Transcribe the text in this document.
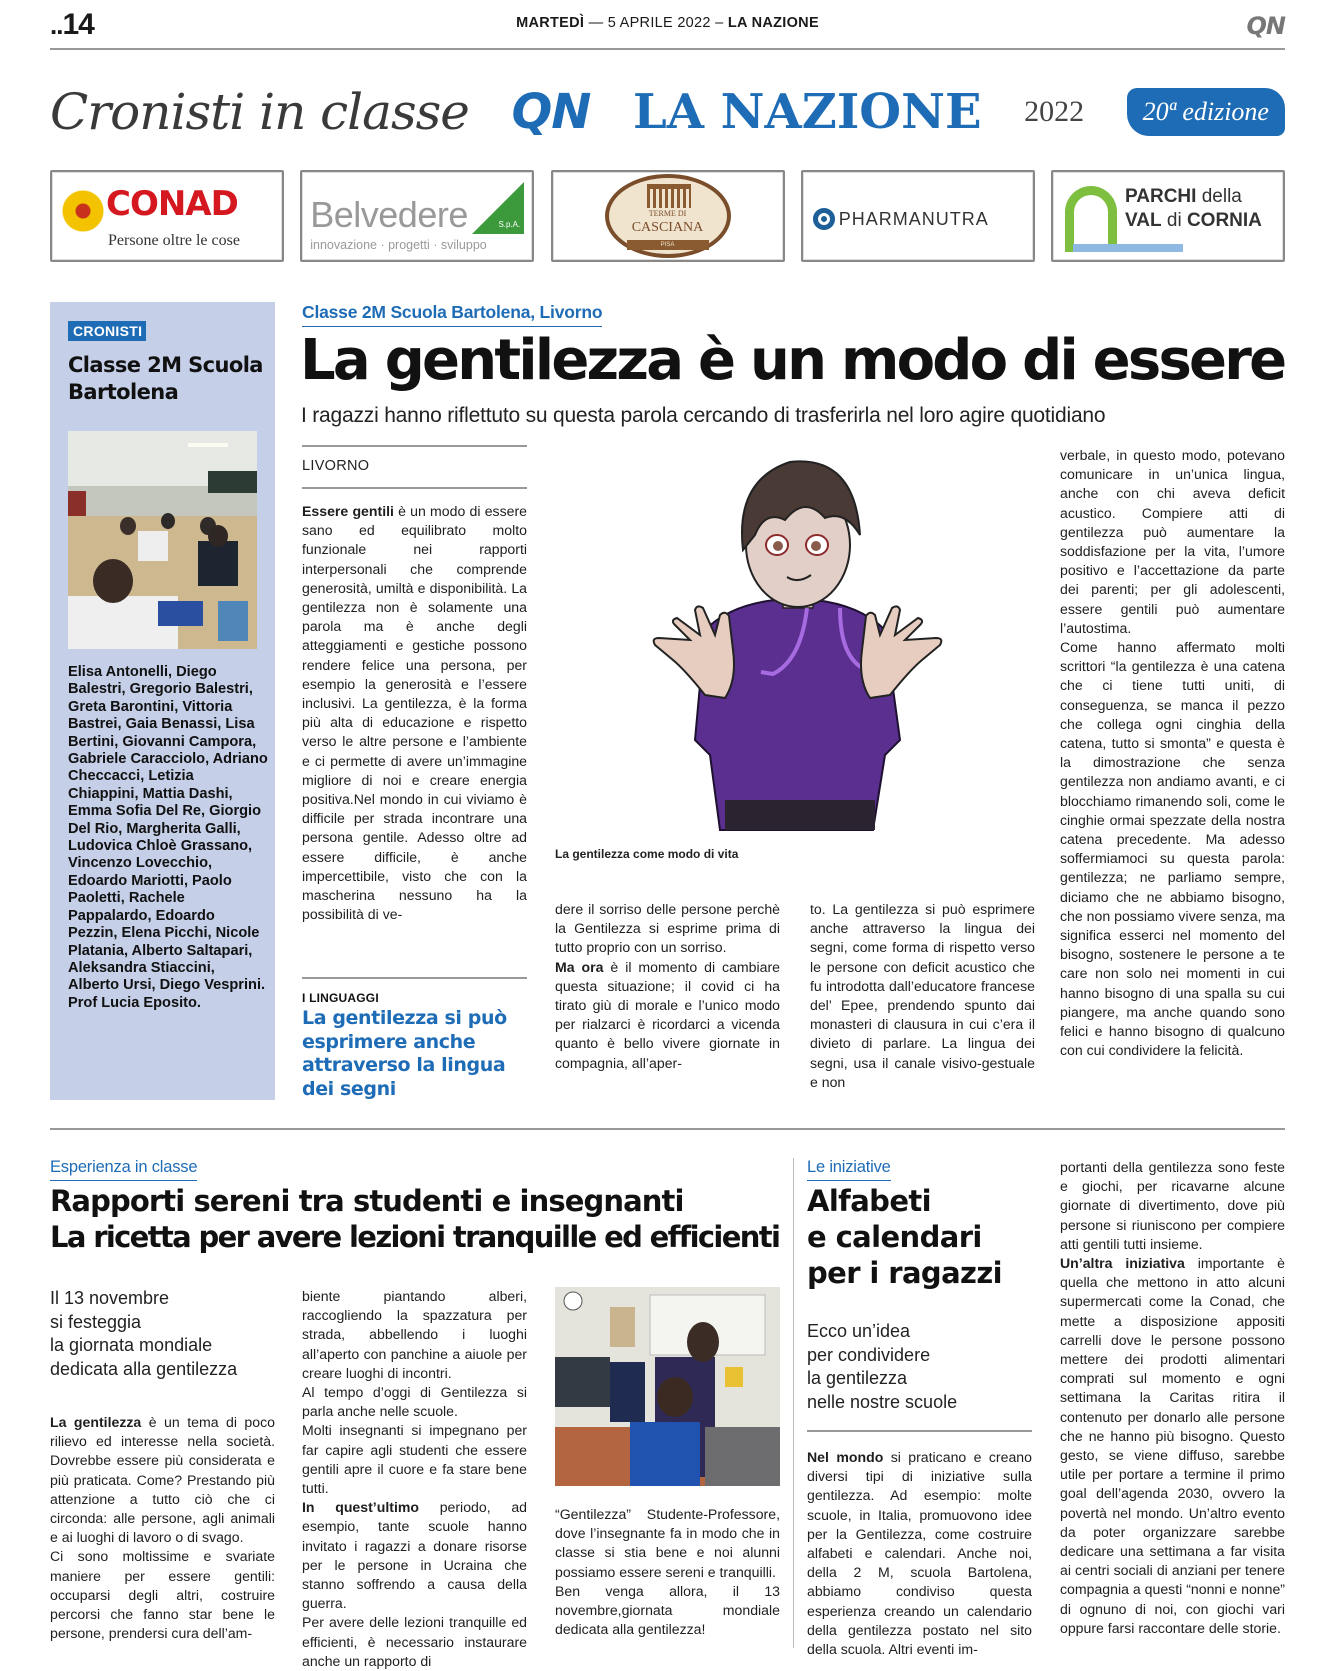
..14	MARTEDÌ — 5 APRILE 2022 – LA NAZIONE	QN
Cronisti in classe QN LA NAZIONE 2022	20ª edizione
CONAD
Persone oltre le cose
S.p.A.
Belvedere
innovazione · progetti · sviluppo
TERME DI
CASCIANA
PISA
PHARMANUTRA
PARCHI della
VAL di CORNIA
CRONISTI
Classe 2M Scuola Bartolena
Elisa Antonelli, Diego Balestri, Gregorio Balestri, Greta Barontini, Vittoria Bastrei, Gaia Benassi, Lisa Bertini, Giovanni Campora, Gabriele Caracciolo, Adriano Checcacci, Letizia Chiappini, Mattia Dashi, Emma Sofia Del Re, Giorgio Del Rio, Margherita Galli, Ludovica Chloè Grassano, Vincenzo Lovecchio, Edoardo Mariotti, Paolo Paoletti, Rachele Pappalardo, Edoardo Pezzin, Elena Picchi, Nicole Platania, Alberto Saltapari, Aleksandra Stiaccini, Alberto Ursi, Diego Vesprini. Prof Lucia Eposito.
Classe 2M Scuola Bartolena, Livorno
La gentilezza è un modo di essere
I ragazzi hanno riflettuto su questa parola cercando di trasferirla nel loro agire quotidiano
LIVORNO
Essere gentili è un modo di essere sano ed equilibrato molto funzionale nei rapporti interpersonali che comprende generosità, umiltà e disponibilità. La gentilezza non è solamente una parola ma è anche degli atteggiamenti e gestiche possono rendere felice una persona, per esempio la generosità e l’essere inclusivi. La gentilezza, è la forma più alta di educazione e rispetto verso le altre persone e l’ambiente e ci permette di avere un’immagine migliore di noi e creare energia positiva.Nel mondo in cui viviamo è difficile per strada incontrare una persona gentile. Adesso oltre ad essere difficile, è anche impercettibile, visto che con la mascherina nessuno ha la possibilità di ve-
I LINGUAGGI
La gentilezza si può esprimere anche attraverso la lingua dei segni
La gentilezza come modo di vita
dere il sorriso delle persone perchè la Gentilezza si esprime prima di tutto proprio con un sorriso.
Ma ora è il momento di cambiare questa situazione; il covid ci ha tirato giù di morale e l’unico modo per rialzarci è ricordarci a vicenda quanto è bello vivere giornate in compagnia, all’aper-
to. La gentilezza si può esprimere anche attraverso la lingua dei segni, come forma di rispetto verso le persone con deficit acustico che fu introdotta dall’educatore francese del’ Epee, prendendo spunto dai monasteri di clausura in cui c’era il divieto di parlare. La lingua dei segni, usa il canale visivo-gestuale e non
verbale, in questo modo, potevano comunicare in un’unica lingua, anche con chi aveva deficit acustico. Compiere atti di gentilezza può aumentare la soddisfazione per la vita, l’umore positivo e l’accettazione da parte dei parenti; per gli adolescenti, essere gentili può aumentare l’autostima.
Come hanno affermato molti scrittori “la gentilezza è una catena che ci tiene tutti uniti, di conseguenza, se manca il pezzo che collega ogni cinghia della catena, tutto si smonta” e questa è la dimostrazione che senza gentilezza non andiamo avanti, e ci blocchiamo rimanendo soli, come le cinghie ormai spezzate della nostra catena precedente. Ma adesso soffermiamoci su questa parola: gentilezza; ne parliamo sempre, diciamo che ne abbiamo bisogno, che non possiamo vivere senza, ma significa esserci nel momento del bisogno, sostenere le persone a te care non solo nei momenti in cui hanno bisogno di una spalla su cui piangere, ma anche quando sono felici e hanno bisogno di qualcuno con cui condividere la felicità.
Esperienza in classe
Rapporti sereni tra studenti e insegnanti
La ricetta per avere lezioni tranquille ed efficienti
Il 13 novembre
si festeggia
la giornata mondiale
dedicata alla gentilezza
La gentilezza è un tema di poco rilievo ed interesse nella società. Dovrebbe essere più considerata e più praticata. Come? Prestando più attenzione a tutto ciò che ci circonda: alle persone, agli animali e ai luoghi di lavoro o di svago.
Ci sono moltissime e svariate maniere per essere gentili: occuparsi degli altri, costruire percorsi che fanno star bene le persone, prendersi cura dell’am-
biente piantando alberi, raccogliendo la spazzatura per strada, abbellendo i luoghi all’aperto con panchine a aiuole per creare luoghi di incontri.
Al tempo d’oggi di Gentilezza si parla anche nelle scuole.
Molti insegnanti si impegnano per far capire agli studenti che essere gentili apre il cuore e fa stare bene tutti.
In quest’ultimo periodo, ad esempio, tante scuole hanno invitato i ragazzi a donare risorse per le persone in Ucraina che stanno soffrendo a causa della guerra.
Per avere delle lezioni tranquille ed efficienti, è necessario instaurare anche un rapporto di
“Gentilezza” Studente-Professore, dove l’insegnante fa in modo che in classe si stia bene e noi alunni possiamo essere sereni e tranquilli.
Ben venga allora, il 13 novembre,giornata mondiale dedicata alla gentilezza!
Le iniziative
Alfabeti
e calendari
per i ragazzi
Ecco un’idea
per condividere
la gentilezza
nelle nostre scuole
Nel mondo si praticano e creano diversi tipi di iniziative sulla gentilezza. Ad esempio: molte scuole, in Italia, promuovono idee per la Gentilezza, come costruire alfabeti e calendari. Anche noi, della 2 M, scuola Bartolena, abbiamo condiviso questa esperienza creando un calendario della gentilezza postato nel sito della scuola. Altri eventi im-
portanti della gentilezza sono feste e giochi, per ricavarne alcune giornate di divertimento, dove più persone si riuniscono per compiere atti gentili tutti insieme.
Un’altra iniziativa importante è quella che mettono in atto alcuni supermercati come la Conad, che mette a disposizione appositi carrelli dove le persone possono mettere dei prodotti alimentari comprati sul momento e ogni settimana la Caritas ritira il contenuto per donarlo alle persone che ne hanno più bisogno. Questo gesto, se viene diffuso, sarebbe utile per portare a termine il primo goal dell’agenda 2030, ovvero la povertà nel mondo. Un’altro evento da poter organizzare sarebbe dedicare una settimana a far visita ai centri sociali di anziani per tenere compagnia a questi “nonni e nonne” di ognuno di noi, con giochi vari oppure farsi raccontare delle storie.
